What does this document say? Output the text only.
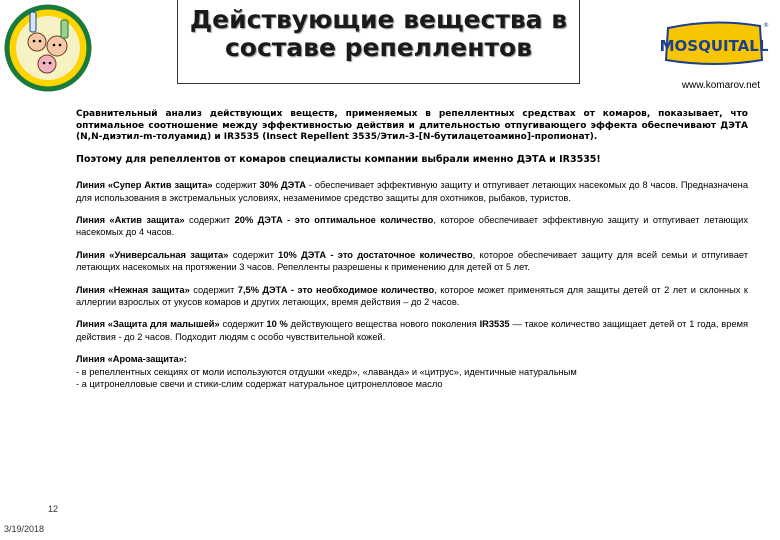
Действующие вещества в
составе репеллентов	MOSQUITALL
®
www.komarov.net

Сравнительный анализ действующих веществ, применяемых в репеллентных средствах от комаров, показывает, что оптимальное соотношение между эффективностью действия и длительностью отпугивающего эффекта обеспечивают ДЭТА (N,N-диэтил-m-толуамид) и IR3535 (Insect Repellent 3535/Этил-3-[N-бутилацетоамино]-пропионат).

Поэтому для репеллентов от комаров специалисты компании выбрали именно ДЭТА и IR3535!

Линия «Супер Актив защита» содержит 30% ДЭТА - обеспечивает эффективную защиту и отпугивает летающих насекомых до 8 часов. Предназначена для использования в экстремальных условиях, незаменимое средство защиты для охотников, рыбаков, туристов.

Линия «Актив защита» содержит 20% ДЭТА - это оптимальное количество, которое обеспечивает эффективную защиту и отпугивает летающих насекомых до 4 часов.

Линия «Универсальная защита» содержит 10% ДЭТА - это достаточное количество, которое обеспечивает защиту для всей семьи и отпугивает летающих насекомых на протяжении 3 часов. Репелленты разрешены к применению для детей от 5 лет.

Линия «Нежная защита» содержит 7,5% ДЭТА - это необходимое количество, которое может применяться для защиты детей от 2 лет и склонных к аллергии взрослых от укусов комаров и других летающих, время действия – до 2 часов.

Линия «Защита для малышей» содержит 10 % действующего вещества нового поколения IR3535 — такое количество защищает детей от 1 года, время действия - до 2 часов. Подходит людям с особо чувствительной кожей.

Линия «Арома-защита»:
- в репеллентных секциях от моли используются отдушки «кедр», «лаванда» и «цитрус», идентичные натуральным
- а цитронелловые свечи и стики-слим содержат натуральное цитронелловое масло

12
3/19/2018
